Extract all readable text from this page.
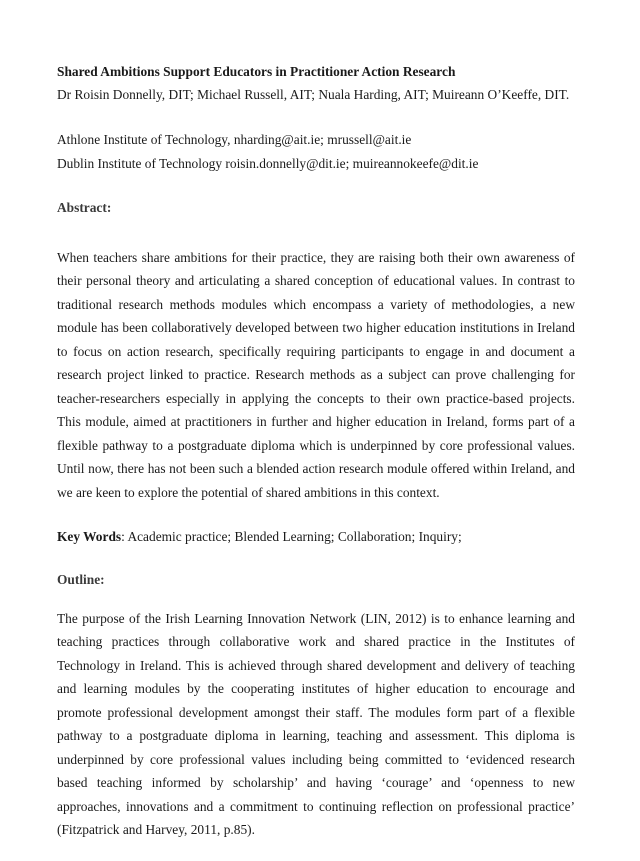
Shared Ambitions Support Educators in Practitioner Action Research

Dr Roisin Donnelly, DIT; Michael Russell, AIT; Nuala Harding, AIT; Muireann O’Keeffe, DIT.

Athlone Institute of Technology, nharding@ait.ie; mrussell@ait.ie
Dublin Institute of Technology roisin.donnelly@dit.ie; muireannokeefe@dit.ie
Abstract:

When teachers share ambitions for their practice, they are raising both their own awareness of their personal theory and articulating a shared conception of educational values. In contrast to traditional research methods modules which encompass a variety of methodologies, a new module has been collaboratively developed between two higher education institutions in Ireland to focus on action research, specifically requiring participants to engage in and document a research project linked to practice. Research methods as a subject can prove challenging for teacher-researchers especially in applying the concepts to their own practice-based projects. This module, aimed at practitioners in further and higher education in Ireland, forms part of a flexible pathway to a postgraduate diploma which is underpinned by core professional values. Until now, there has not been such a blended action research module offered within Ireland, and we are keen to explore the potential of shared ambitions in this context.

Key Words: Academic practice; Blended Learning; Collaboration; Inquiry;

Outline:

The purpose of the Irish Learning Innovation Network (LIN, 2012) is to enhance learning and teaching practices through collaborative work and shared practice in the Institutes of Technology in Ireland. This is achieved through shared development and delivery of teaching and learning modules by the cooperating institutes of higher education to encourage and promote professional development amongst their staff. The modules form part of a flexible pathway to a postgraduate diploma in learning, teaching and assessment. This diploma is underpinned by core professional values including being committed to ‘evidenced research based teaching informed by scholarship’ and having ‘courage’ and ‘openness to new approaches, innovations and a commitment to continuing reflection on professional practice’ (Fitzpatrick and Harvey, 2011, p.85).
